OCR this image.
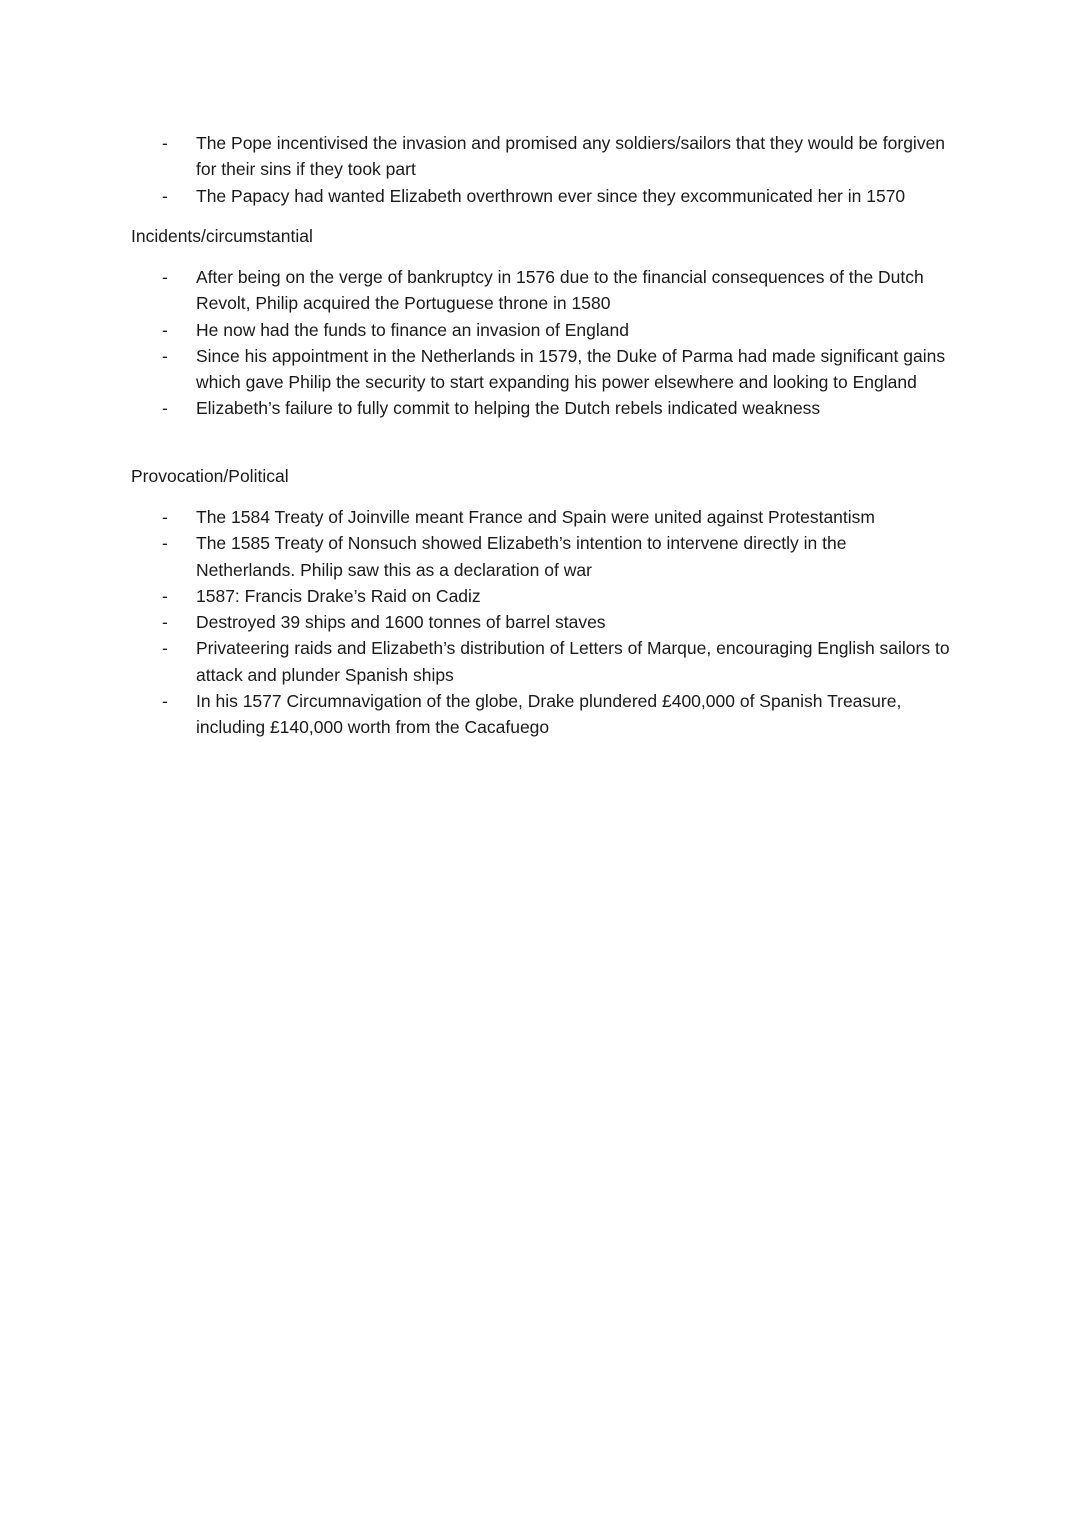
- The Pope incentivised the invasion and promised any soldiers/sailors that they would be forgiven for their sins if they took part
- The Papacy had wanted Elizabeth overthrown ever since they excommunicated her in 1570
Incidents/circumstantial
- After being on the verge of bankruptcy in 1576 due to the financial consequences of the Dutch Revolt, Philip acquired the Portuguese throne in 1580
- He now had the funds to finance an invasion of England
- Since his appointment in the Netherlands in 1579, the Duke of Parma had made significant gains which gave Philip the security to start expanding his power elsewhere and looking to England
- Elizabeth’s failure to fully commit to helping the Dutch rebels indicated weakness
Provocation/Political
- The 1584 Treaty of Joinville meant France and Spain were united against Protestantism
- The 1585 Treaty of Nonsuch showed Elizabeth’s intention to intervene directly in the Netherlands. Philip saw this as a declaration of war
- 1587: Francis Drake’s Raid on Cadiz
- Destroyed 39 ships and 1600 tonnes of barrel staves
- Privateering raids and Elizabeth’s distribution of Letters of Marque, encouraging English sailors to attack and plunder Spanish ships
- In his 1577 Circumnavigation of the globe, Drake plundered £400,000 of Spanish Treasure, including £140,000 worth from the Cacafuego
